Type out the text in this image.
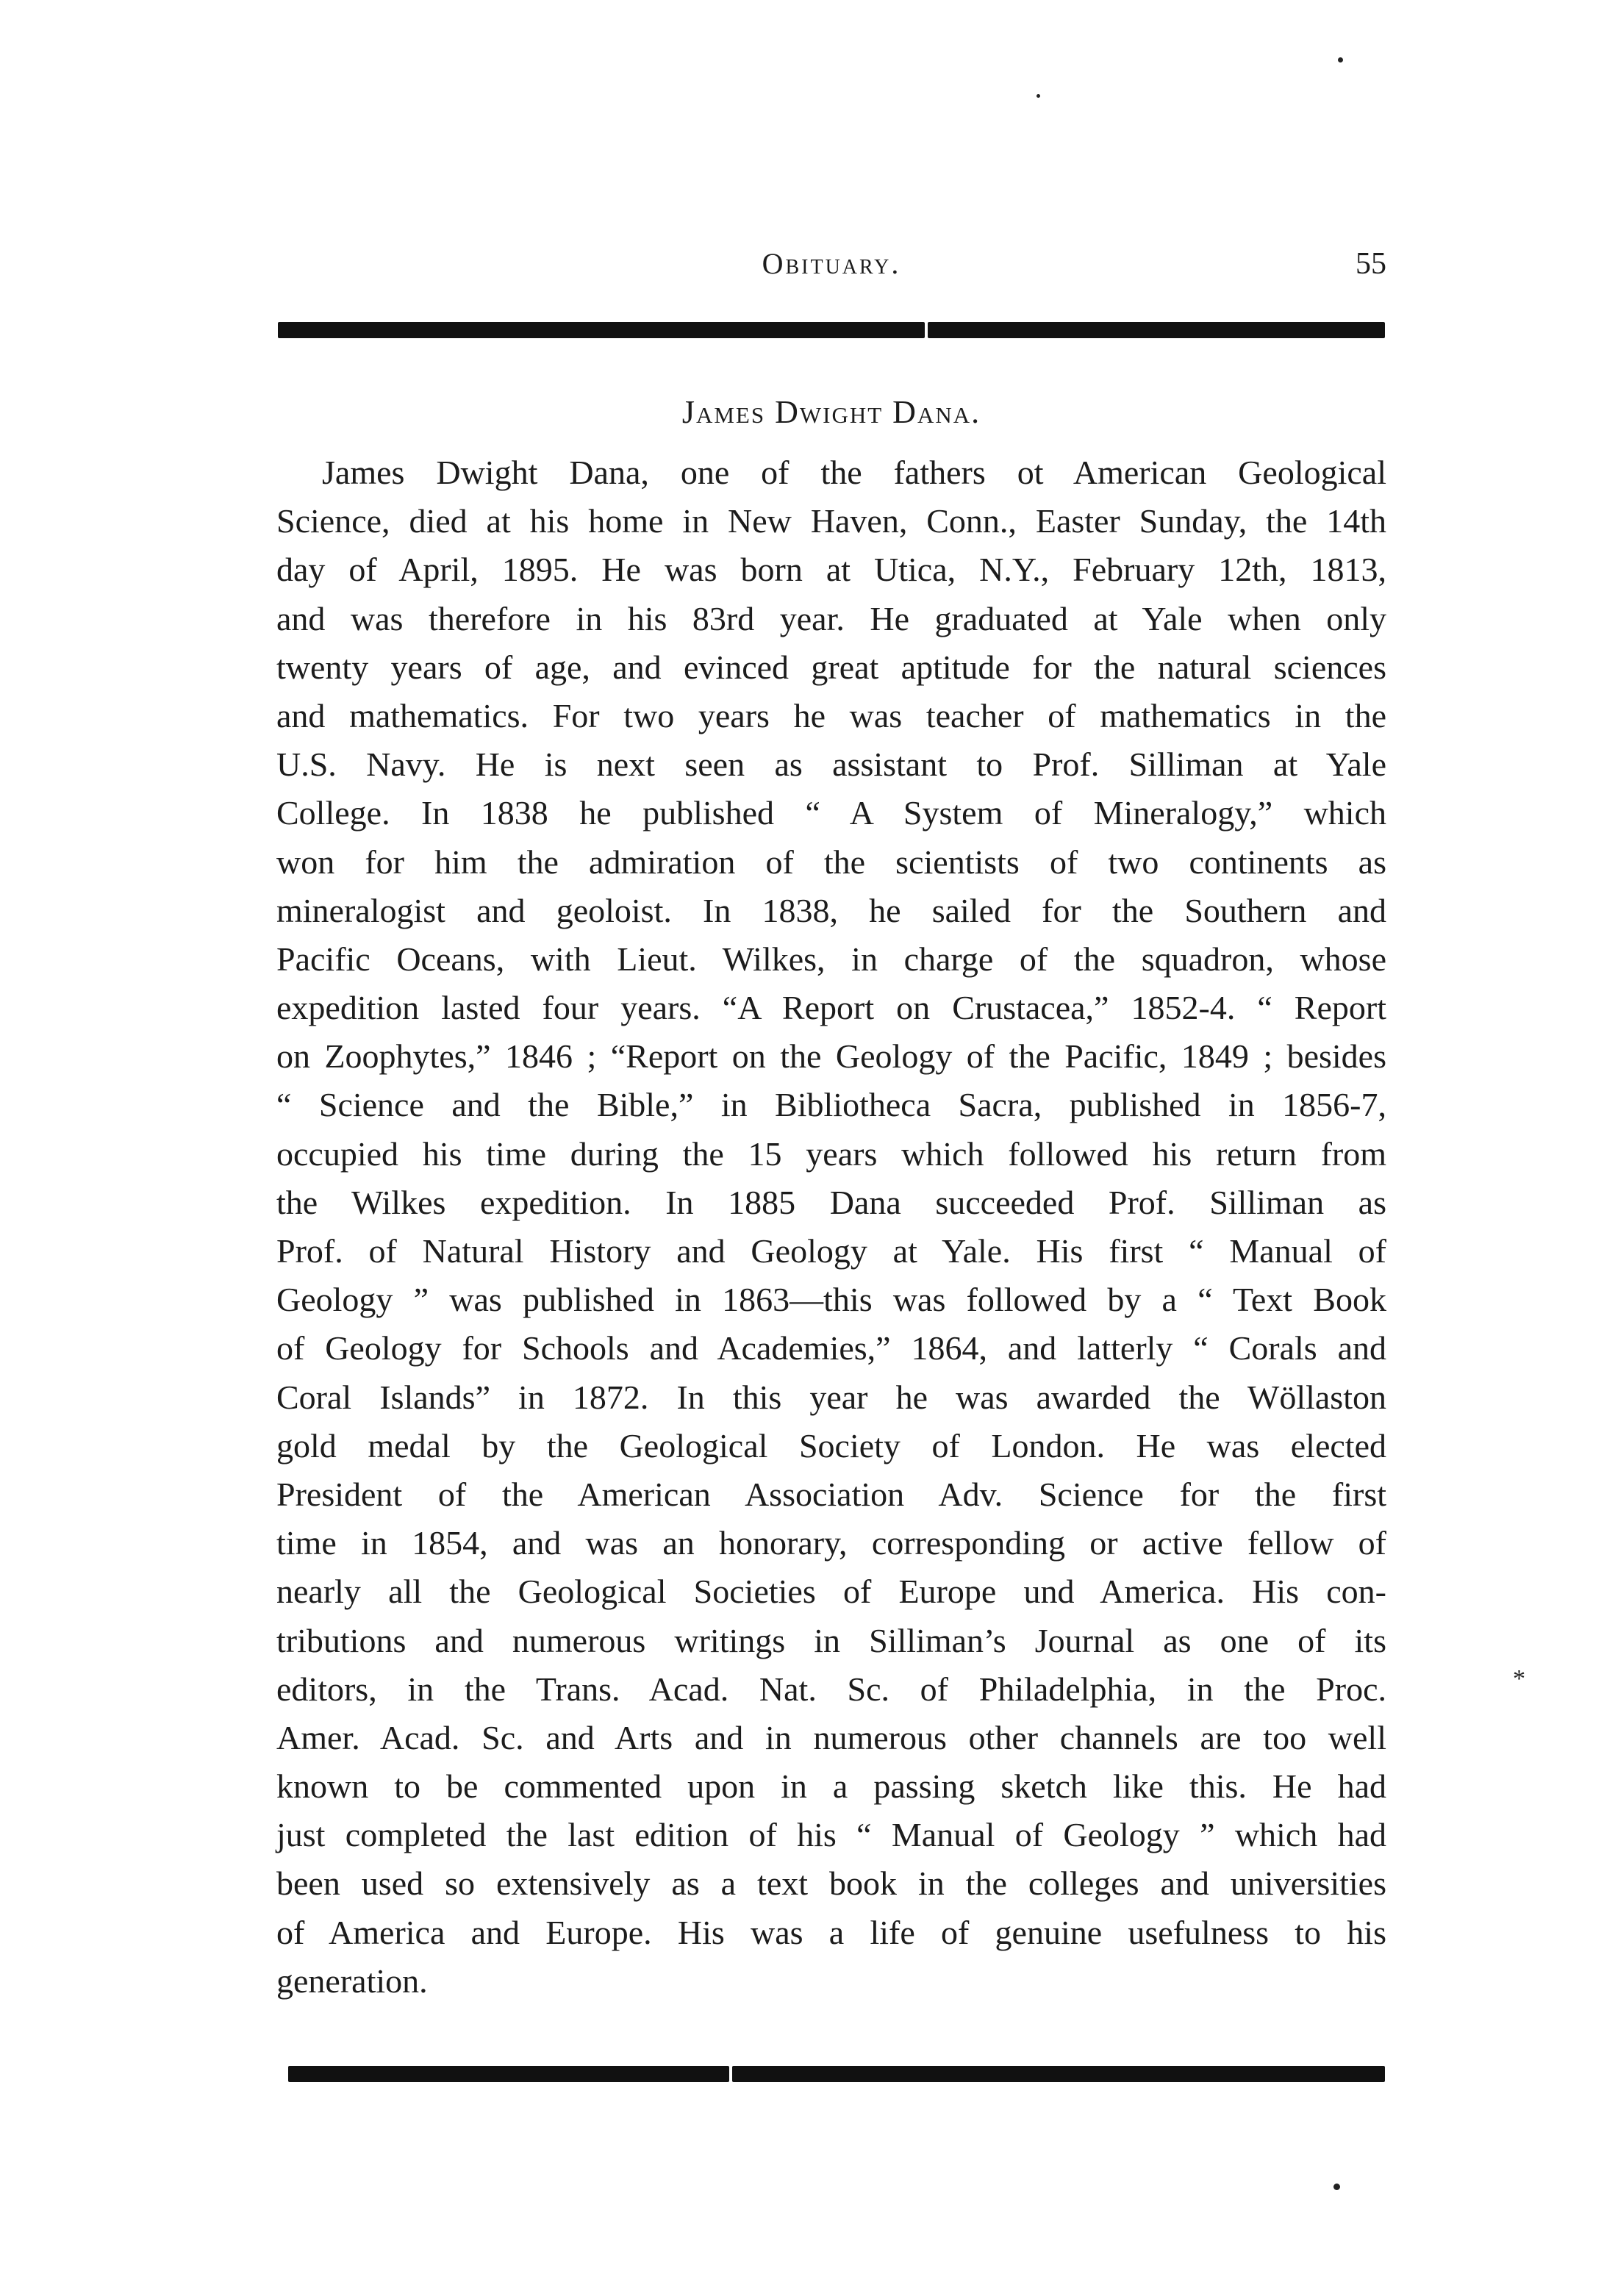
Obituary.	55
James Dwight Dana.
James Dwight Dana, one of the fathers ot American Geological
Science, died at his home in New Haven, Conn., Easter Sunday, the 14th
day of April, 1895. He was born at Utica, N.Y., February 12th, 1813,
and was therefore in his 83rd year. He graduated at Yale when only
twenty years of age, and evinced great aptitude for the natural sciences
and mathematics. For two years he was teacher of mathematics in the
U.S. Navy. He is next seen as assistant to Prof. Silliman at Yale
College. In 1838 he published “ A System of Mineralogy,” which
won for him the admiration of the scientists of two continents as
mineralogist and geoloist. In 1838, he sailed for the Southern and
Pacific Oceans, with Lieut. Wilkes, in charge of the squadron, whose
expedition lasted four years. “A Report on Crustacea,” 1852-4. “ Report
on Zoophytes,” 1846 ; “Report on the Geology of the Pacific, 1849 ; besides
“ Science and the Bible,” in Bibliotheca Sacra, published in 1856-7,
occupied his time during the 15 years which followed his return from
the Wilkes expedition. In 1885 Dana succeeded Prof. Silliman as
Prof. of Natural History and Geology at Yale. His first “ Manual of
Geology ” was published in 1863—this was followed by a “ Text Book
of Geology for Schools and Academies,” 1864, and latterly “ Corals and
Coral Islands” in 1872. In this year he was awarded the Wöllaston
gold medal by the Geological Society of London. He was elected
President of the American Association Adv. Science for the first
time in 1854, and was an honorary, corresponding or active fellow of
nearly all the Geological Societies of Europe und America. His con-
tributions and numerous writings in Silliman’s Journal as one of its
editors, in the Trans. Acad. Nat. Sc. of Philadelphia, in the Proc.
Amer. Acad. Sc. and Arts and in numerous other channels are too well
known to be commented upon in a passing sketch like this. He had
just completed the last edition of his “ Manual of Geology ” which had
been used so extensively as a text book in the colleges and universities
of America and Europe. His was a life of genuine usefulness to his
generation.
*
